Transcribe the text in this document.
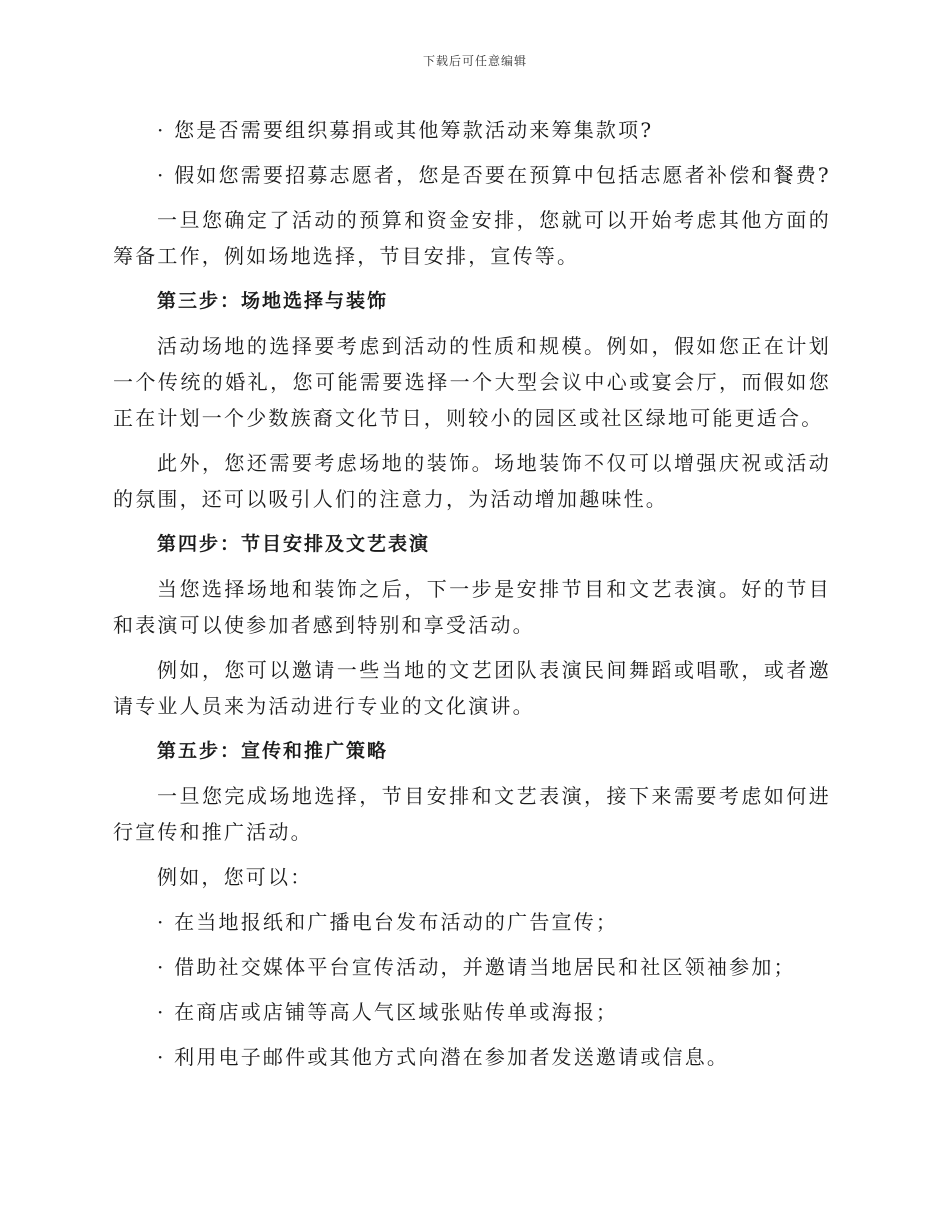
下载后可任意编辑

· 您是否需要组织募捐或其他筹款活动来筹集款项?

· 假如您需要招募志愿者，您是否要在预算中包括志愿者补偿和餐费?

一旦您确定了活动的预算和资金安排，您就可以开始考虑其他方面的筹备工作，例如场地选择，节目安排，宣传等。

第三步：场地选择与装饰

活动场地的选择要考虑到活动的性质和规模。例如，假如您正在计划一个传统的婚礼，您可能需要选择一个大型会议中心或宴会厅，而假如您正在计划一个少数族裔文化节日，则较小的园区或社区绿地可能更适合。

此外，您还需要考虑场地的装饰。场地装饰不仅可以增强庆祝或活动的氛围，还可以吸引人们的注意力，为活动增加趣味性。

第四步：节目安排及文艺表演

当您选择场地和装饰之后，下一步是安排节目和文艺表演。好的节目和表演可以使参加者感到特别和享受活动。

例如，您可以邀请一些当地的文艺团队表演民间舞蹈或唱歌，或者邀请专业人员来为活动进行专业的文化演讲。

第五步：宣传和推广策略

一旦您完成场地选择，节目安排和文艺表演，接下来需要考虑如何进行宣传和推广活动。

例如，您可以：

· 在当地报纸和广播电台发布活动的广告宣传；

· 借助社交媒体平台宣传活动，并邀请当地居民和社区领袖参加；

· 在商店或店铺等高人气区域张贴传单或海报；

· 利用电子邮件或其他方式向潜在参加者发送邀请或信息。
